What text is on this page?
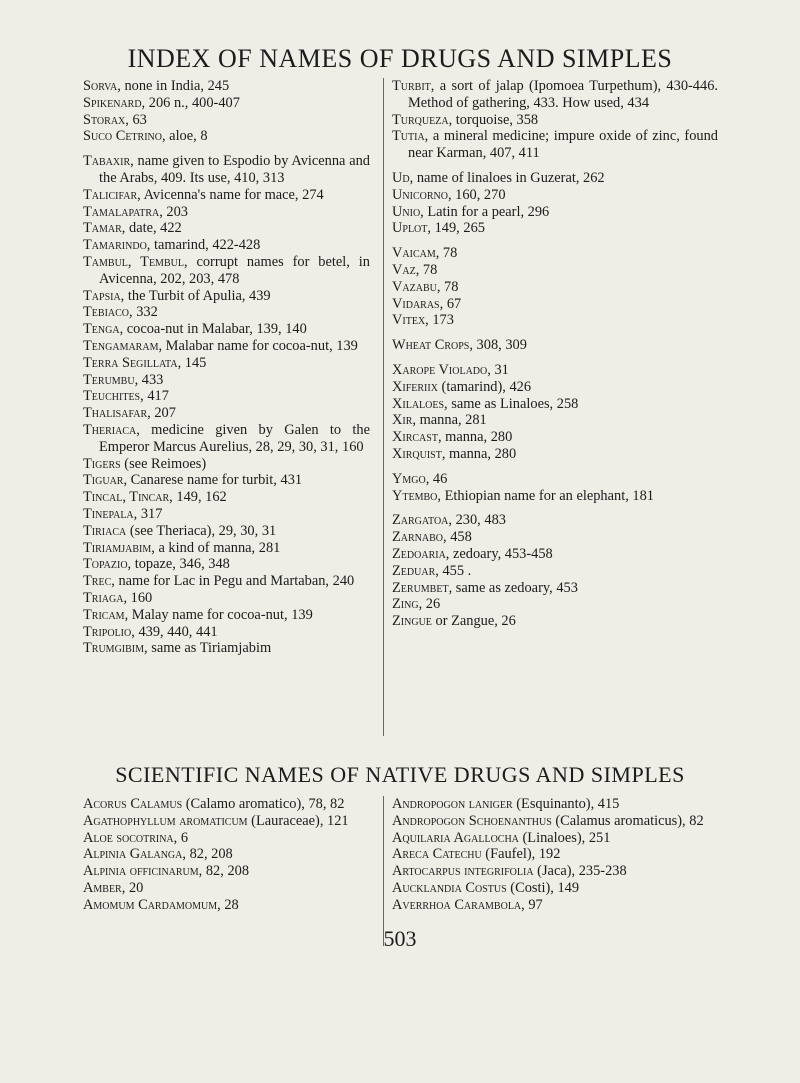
INDEX OF NAMES OF DRUGS AND SIMPLES
Sorva, none in India, 245
Spikenard, 206 n., 400-407
Storax, 63
Suco Cetrino, aloe, 8
Tabaxir, name given to Espodio by Avicenna and the Arabs, 409. Its use, 410, 313
Talicifar, Avicenna's name for mace, 274
Tamalapatra, 203
Tamar, date, 422
Tamarindo, tamarind, 422-428
Tambul, Tembul, corrupt names for betel, in Avicenna, 202, 203, 478
Tapsia, the Turbit of Apulia, 439
Tebiaco, 332
Tenga, cocoa-nut in Malabar, 139, 140
Tengamaram, Malabar name for cocoa-nut, 139
Terra Segillata, 145
Terumbu, 433
Teuchites, 417
Thalisafar, 207
Theriaca, medicine given by Galen to the Emperor Marcus Aurelius, 28, 29, 30, 31, 160
Tigers (see Reimoes)
Tiguar, Canarese name for turbit, 431
Tincal, Tincar, 149, 162
Tinepala, 317
Tiriaca (see Theriaca), 29, 30, 31
Tiriamjabim, a kind of manna, 281
Topazio, topaze, 346, 348
Trec, name for Lac in Pegu and Martaban, 240
Triaga, 160
Tricam, Malay name for cocoa-nut, 139
Tripolio, 439, 440, 441
Trumgibim, same as Tiriamjabim
Turbit, a sort of jalap (Ipomoea Turpethum), 430-446. Method of gathering, 433. How used, 434
Turqueza, torquoise, 358
Tutia, a mineral medicine; impure oxide of zinc, found near Karman, 407, 411
Ud, name of linaloes in Guzerat, 262
Unicorno, 160, 270
Unio, Latin for a pearl, 296
Uplot, 149, 265
Vaicam, 78
Vaz, 78
Vazabu, 78
Vidaras, 67
Vitex, 173
Wheat Crops, 308, 309
Xarope Violado, 31
Xiferiix (tamarind), 426
Xilaloes, same as Linaloes, 258
Xir, manna, 281
Xircast, manna, 280
Xirquist, manna, 280
Ymgo, 46
Ytembo, Ethiopian name for an elephant, 181
Zargatoa, 230, 483
Zarnabo, 458
Zedoaria, zedoary, 453-458
Zeduar, 455 .
Zerumbet, same as zedoary, 453
Zing, 26
Zingue or Zangue, 26
SCIENTIFIC NAMES OF NATIVE DRUGS AND SIMPLES
Acorus Calamus (Calamo aromatico), 78, 82
Agathophyllum aromaticum (Lauraceae), 121
Aloe socotrina, 6
Alpinia Galanga, 82, 208
Alpinia officinarum, 82, 208
Amber, 20
Amomum Cardamomum, 28
Andropogon laniger (Esquinanto), 415
Andropogon Schoenanthus (Calamus aromaticus), 82
Aquilaria Agallocha (Linaloes), 251
Areca Catechu (Faufel), 192
Artocarpus integrifolia (Jaca), 235-238
Aucklandia Costus (Costi), 149
Averrhoa Carambola, 97
503
